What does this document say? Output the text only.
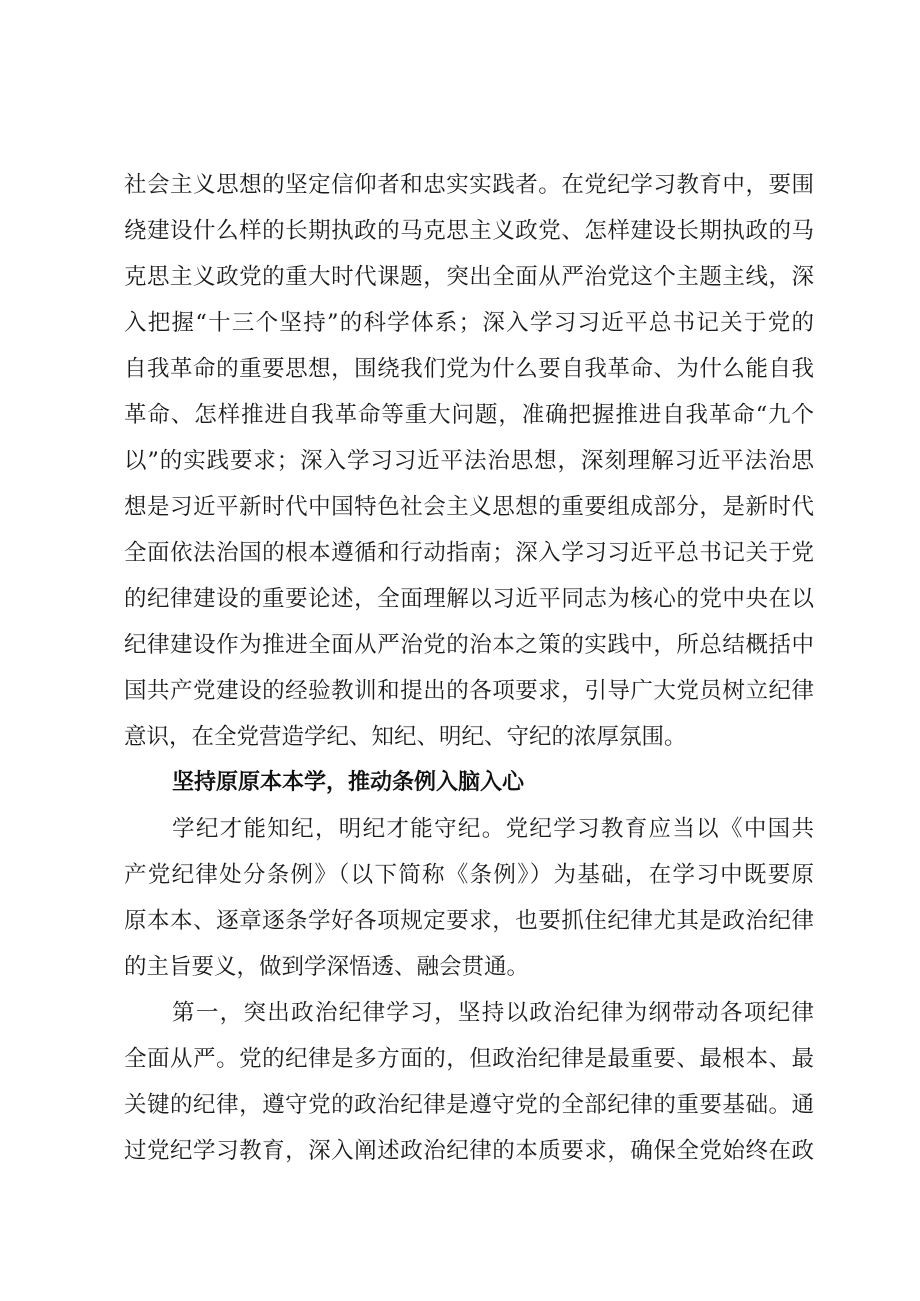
社会主义思想的坚定信仰者和忠实实践者。在党纪学习教育中，要围
绕建设什么样的长期执政的马克思主义政党、怎样建设长期执政的马
克思主义政党的重大时代课题，突出全面从严治党这个主题主线，深
入把握“十三个坚持”的科学体系；深入学习习近平总书记关于党的
自我革命的重要思想，围绕我们党为什么要自我革命、为什么能自我
革命、怎样推进自我革命等重大问题，准确把握推进自我革命“九个
以”的实践要求；深入学习习近平法治思想，深刻理解习近平法治思
想是习近平新时代中国特色社会主义思想的重要组成部分，是新时代
全面依法治国的根本遵循和行动指南；深入学习习近平总书记关于党
的纪律建设的重要论述，全面理解以习近平同志为核心的党中央在以
纪律建设作为推进全面从严治党的治本之策的实践中，所总结概括中
国共产党建设的经验教训和提出的各项要求，引导广大党员树立纪律
意识，在全党营造学纪、知纪、明纪、守纪的浓厚氛围。
坚持原原本本学，推动条例入脑入心
学纪才能知纪，明纪才能守纪。党纪学习教育应当以《中国共
产党纪律处分条例》（以下简称《条例》）为基础，在学习中既要原
原本本、逐章逐条学好各项规定要求，也要抓住纪律尤其是政治纪律
的主旨要义，做到学深悟透、融会贯通。
第一，突出政治纪律学习，坚持以政治纪律为纲带动各项纪律
全面从严。党的纪律是多方面的，但政治纪律是最重要、最根本、最
关键的纪律，遵守党的政治纪律是遵守党的全部纪律的重要基础。通
过党纪学习教育，深入阐述政治纪律的本质要求，确保全党始终在政
